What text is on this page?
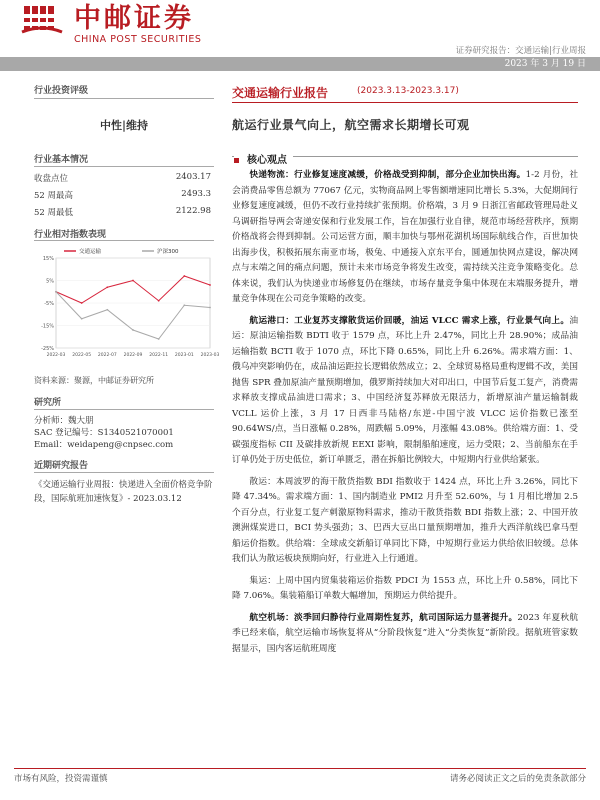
中邮证券
CHINA POST SECURITIES
证券研究报告：交通运输|行业周报
2023 年 3 月 19 日
行业投资评级
中性|维持
行业基本情况
收盘点位	2403.17
52 周最高	2493.3
52 周最低	2122.98
行业相对指数表现
-25%
-15%
-5%
5%
15%
2022-03 2022-05 2022-07 2022-09 2022-11 2023-01 2023-03
交通运输	沪深300
资料来源：聚源，中邮证券研究所
研究所
分析师：魏大朋
SAC 登记编号：S1340521070001
Email：weidapeng@cnpsec.com
近期研究报告
《交通运输行业周报：快递进入全面价格竞争阶段，国际航班加速恢复》- 2023.03.12
交通运输行业报告	(2023.3.13-2023.3.17)
航运行业景气向上，航空需求长期增长可观
核心观点

快递物流：行业修复速度减缓，价格战受到抑制，部分企业加快出海。1-2 月份，社会消费品零售总额为 77067 亿元，实物商品网上零售额增速同比增长 5.3%，大促期间行业修复速度减缓，但仍不改行业持续扩张预期。价格端，3 月 9 日浙江省邮政管理局赴义乌调研指导两会寄递安保和行业发展工作，旨在加强行业自律，规范市场经营秩序，预期价格战将会得到抑制。公司运营方面，顺丰加快与鄂州花湖机场国际航线合作，百世加快出海步伐，积极拓展东南亚市场，极兔、中通接入京东平台，圆通加快网点建设，解决网点与末端之间的痛点问题，预计未来市场竞争将发生改变，需持续关注竞争策略变化。总体来说，我们认为快递业市场修复仍在继续，市场存量竞争集中体现在末端服务提升，增量竞争体现在公司竞争策略的改变。

航运港口：工业复苏支撑散货运价回暖，油运 VLCC 需求上涨，行业景气向上。油运：原油运输指数 BDTI 收于 1579 点，环比上升 2.47%，同比上升 28.90%；成品油运输指数 BCTI 收于 1070 点，环比下降 0.65%，同比上升 6.26%。需求端方面：1、俄乌冲突影响仍在，成品油运距拉长逻辑依然成立；2、全球贸易格局重构逻辑不改，美国抛售 SPR 叠加原油产量预期增加，俄罗斯持续加大对印出口，中国节后复工复产，消费需求释放支撑成品油进口需求；3、中国经济复苏释放无限活力，新增原油产量运输制裁 VCLL 运价上涨，3 月 17 日西非马陆格/东逆-中国宁波 VLCC 运价指数已涨至 90.64WS/点，当日涨幅 0.28%，周跌幅 5.09%，月涨幅 43.08%。供给端方面：1、受碳强度指标 CII 及碳排放新规 EEXI 影响，限制船舶速度，运力受限；2、当前船东在手订单仍处于历史低位，新订单匮乏，潜在拆船比例较大，中短期内行业供给紧张。

散运：本周波罗的海干散货指数 BDI 指数收于 1424 点，环比上升 3.26%，同比下降 47.34%。需求端方面：1、国内制造业 PMI2 月升至 52.60%，与 1 月相比增加 2.5 个百分点，行业复工复产刺激原物料需求，推动干散货指数 BDI 指数上涨；2、中国开放澳洲煤炭进口，BCI 势头强劲；3、巴西大豆出口量预期增加，推升大西洋航线巴拿马型船运价指数。供给端：全球成交新船订单同比下降，中短期行业运力供给依旧较缓。总体我们认为散运板块预期向好，行业进入上行通道。

集运：上周中国内贸集装箱运价指数 PDCI 为 1553 点，环比上升 0.58%，同比下降 7.06%。集装箱船订单数大幅增加，预期运力供给提升。

航空机场：淡季回归静待行业周期性复苏，航司国际运力显著提升。2023 年夏秋航季已经来临，航空运输市场恢复将从“分阶段恢复”进入“分类恢复”新阶段。据航班管家数据显示，国内客运航班周度

市场有风险，投资需谨慎	请务必阅读正文之后的免责条款部分
